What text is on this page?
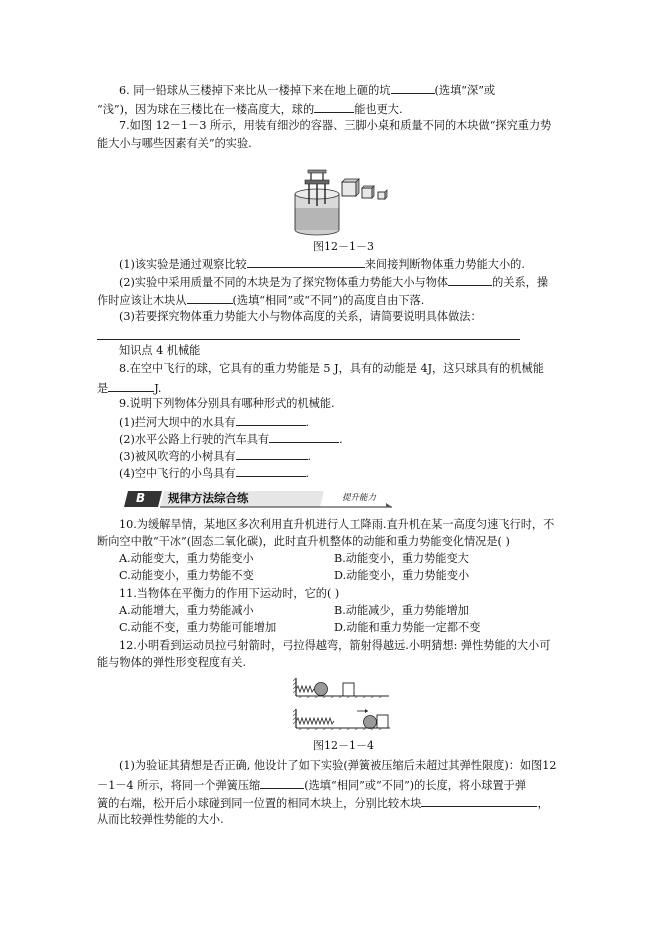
6. 同一铅球从三楼掉下来比从一楼掉下来在地上砸的坑	(选填“深”或
“浅”)，因为球在三楼比在一楼高度大，球的	能也更大.
7.如图 12－1－3 所示，用装有细沙的容器、三脚小桌和质量不同的木块做“探究重力势
能大小与哪些因素有关”的实验.
图12－1－3
(1)该实验是通过观察比较	来间接判断物体重力势能大小的.
(2)实验中采用质量不同的木块是为了探究物体重力势能大小与物体	的关系，操
作时应该让木块从	(选填“相同”或“不同”)的高度自由下落.
(3)若要探究物体重力势能大小与物体高度的关系，请简要说明具体做法：
知识点 4 机械能
8.在空中飞行的球，它具有的重力势能是 5 J，具有的动能是 4J，这只球具有的机械能
是	J.
9.说明下列物体分别具有哪种形式的机械能.
(1)拦河大坝中的水具有	.
(2)水平公路上行驶的汽车具有	.
(3)被风吹弯的小树具有	.
(4)空中飞行的小鸟具有	.
B 规律方法综合练	提升能力
10.为缓解旱情，某地区多次利用直升机进行人工降雨.直升机在某一高度匀速飞行时，不
断向空中散“干冰”(固态二氧化碳)，此时直升机整体的动能和重力势能变化情况是( )
A.动能变大，重力势能变小	B.动能变小，重力势能变大
C.动能变小，重力势能不变	D.动能变小，重力势能变小
11.当物体在平衡力的作用下运动时，它的( )
A.动能增大，重力势能减小	B.动能减少，重力势能增加
C.动能不变，重力势能可能增加	D.动能和重力势能一定都不变
12.小明看到运动员拉弓射箭时，弓拉得越弯，箭射得越远.小明猜想: 弹性势能的大小可
能与物体的弹性形变程度有关.
图12－1－4
(1)为验证其猜想是否正确, 他设计了如下实验(弹簧被压缩后未超过其弹性限度)：如图12
－1－4 所示，将同一个弹簧压缩	(选填“相同”或“不同”)的长度，将小球置于弹
簧的右端，松开后小球碰到同一位置的相同木块上，分别比较木块	，
从而比较弹性势能的大小.
